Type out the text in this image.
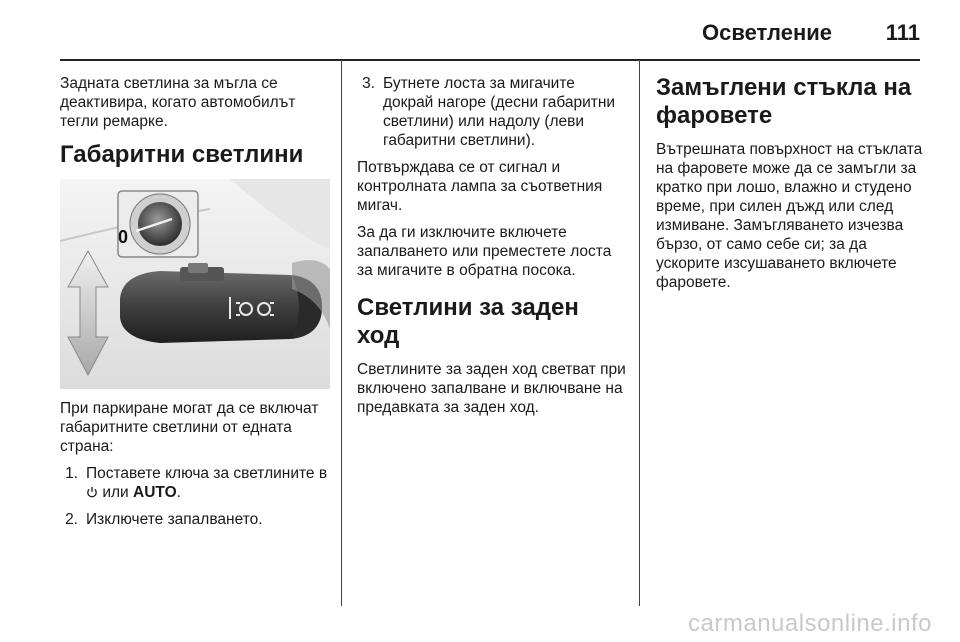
Осветление 111

Задната светлина за мъгла се деактивира, когато автомобилът тегли ремарке.

Габаритни светлини
0

При паркиране могат да се включат габаритните светлини от едната страна:

1. Поставете ключа за светлините в  или AUTO.
2. Изключете запалването.
3. Бутнете лоста за мигачите докрай нагоре (десни габаритни светлини) или надолу (леви габаритни светлини).

Потвърждава се от сигнал и контролната лампа за съответния мигач.

За да ги изключите включете запалването или преместете лоста за мигачите в обратна посока.

Светлини за заден ход

Светлините за заден ход светват при включено запалване и включване на предавката за заден ход.

Замъглени стъкла на фаровете

Вътрешната повърхност на стъклата на фаровете може да се замъгли за кратко при лошо, влажно и студено време, при силен дъжд или след измиване. Замъгляването изчезва бързо, от само себе си; за да ускорите изсушаването включете фаровете.

carmanualsonline.info
